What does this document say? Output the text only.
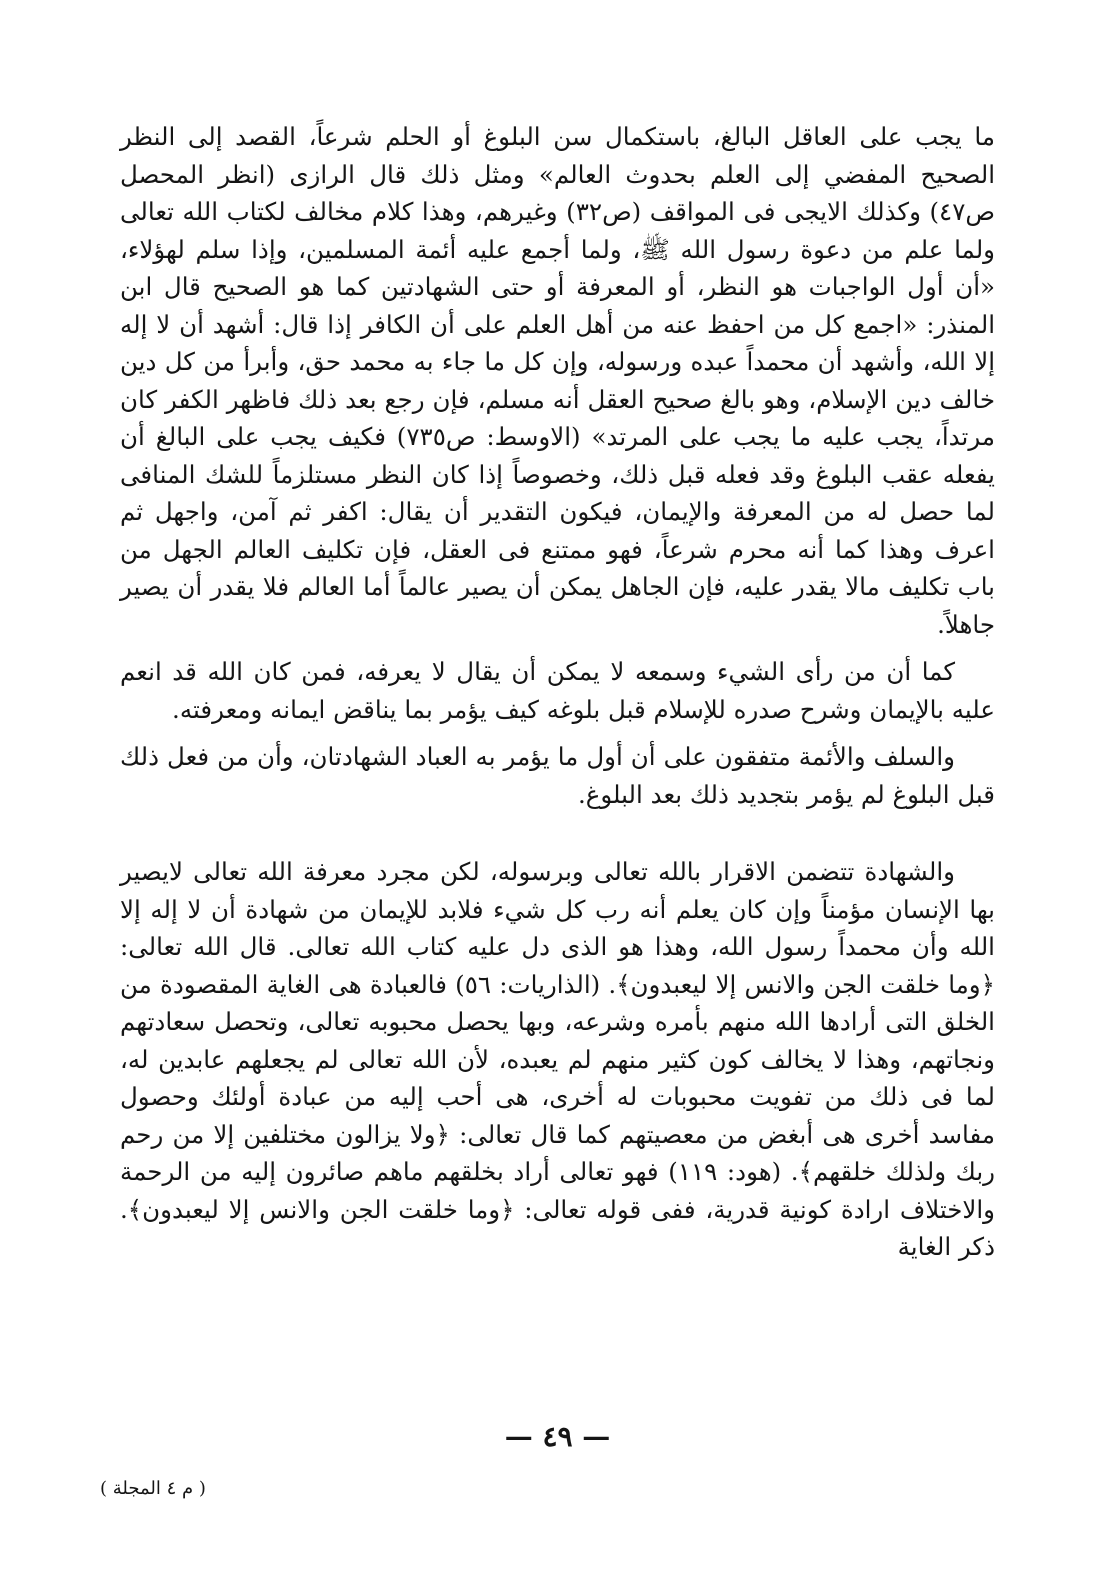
ما يجب على العاقل البالغ، باستكمال سن البلوغ أو الحلم شرعاً، القصد إلى النظر الصحيح المفضي إلى العلم بحدوث العالم» ومثل ذلك قال الرازى (انظر المحصل ص٤٧) وكذلك الايجى فى المواقف (ص٣٢) وغيرهم، وهذا كلام مخالف لكتاب الله تعالى ولما علم من دعوة رسول الله ﷺ، ولما أجمع عليه أئمة المسلمين، وإذا سلم لهؤلاء، «أن أول الواجبات هو النظر، أو المعرفة أو حتى الشهادتين كما هو الصحيح قال ابن المنذر: «اجمع كل من احفظ عنه من أهل العلم على أن الكافر إذا قال: أشهد أن لا إله إلا الله، وأشهد أن محمداً عبده ورسوله، وإن كل ما جاء به محمد حق، وأبرأ من كل دين خالف دين الإسلام، وهو بالغ صحيح العقل أنه مسلم، فإن رجع بعد ذلك فاظهر الكفر كان مرتداً، يجب عليه ما يجب على المرتد» (الاوسط: ص٧٣٥) فكيف يجب على البالغ أن يفعله عقب البلوغ وقد فعله قبل ذلك، وخصوصاً إذا كان النظر مستلزماً للشك المنافى لما حصل له من المعرفة والإيمان، فيكون التقدير أن يقال: اكفر ثم آمن، واجهل ثم اعرف وهذا كما أنه محرم شرعاً، فهو ممتنع فى العقل، فإن تكليف العالم الجهل من باب تكليف مالا يقدر عليه، فإن الجاهل يمكن أن يصير عالماً أما العالم فلا يقدر أن يصير جاهلاً.

كما أن من رأى الشيء وسمعه لا يمكن أن يقال لا يعرفه، فمن كان الله قد انعم عليه بالإيمان وشرح صدره للإسلام قبل بلوغه كيف يؤمر بما يناقض ايمانه ومعرفته.

والسلف والأئمة متفقون على أن أول ما يؤمر به العباد الشهادتان، وأن من فعل ذلك قبل البلوغ لم يؤمر بتجديد ذلك بعد البلوغ.

والشهادة تتضمن الاقرار بالله تعالى وبرسوله، لكن مجرد معرفة الله تعالى لايصير بها الإنسان مؤمناً وإن كان يعلم أنه رب كل شيء فلابد للإيمان من شهادة أن لا إله إلا الله وأن محمداً رسول الله، وهذا هو الذى دل عليه كتاب الله تعالى. قال الله تعالى: ﴿وما خلقت الجن والانس إلا ليعبدون﴾. (الذاريات: ٥٦) فالعبادة هى الغاية المقصودة من الخلق التى أرادها الله منهم بأمره وشرعه، وبها يحصل محبوبه تعالى، وتحصل سعادتهم ونجاتهم، وهذا لا يخالف كون كثير منهم لم يعبده، لأن الله تعالى لم يجعلهم عابدين له، لما فى ذلك من تفويت محبوبات له أخرى، هى أحب إليه من عبادة أولئك وحصول مفاسد أخرى هى أبغض من معصيتهم كما قال تعالى: ﴿ولا يزالون مختلفين إلا من رحم ربك ولذلك خلقهم﴾. (هود: ١١٩) فهو تعالى أراد بخلقهم ماهم صائرون إليه من الرحمة والاختلاف ارادة كونية قدرية، ففى قوله تعالى: ﴿وما خلقت الجن والانس إلا ليعبدون﴾. ذكر الغاية

— ٤٩ —
( م ٤ المجلة )
